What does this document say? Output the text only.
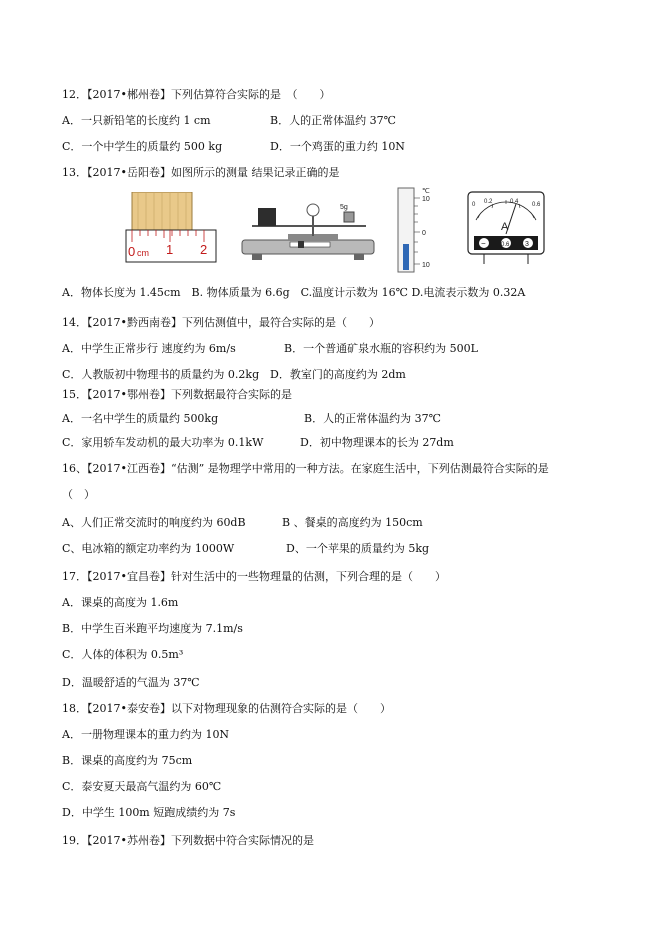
12．【2017•郴州卷】下列估算符合实际的是　（　　）
A．一只新铅笔的长度约 1 cm	B．人的正常体温约 37℃
C．一个中学生的质量约 500 kg	D．一个鸡蛋的重力约 10N
13．【2017•岳阳卷】如图所示的测量 结果记录正确的是
0 cm 1 2
5g
℃
10
0
10
0 0.2	0.4 0.6
A
−	0.6 3
A．物体长度为 1.45cm　B. 物体质量为 6.6g　C.温度计示数为 16℃ D.电流表示数为 0.32A
14．【2017•黔西南卷】下列估测值中，最符合实际的是（　　）
A．中学生正常步行 速度约为 6m/s	B．一个普通矿泉水瓶的容积约为 500L
C．人教版初中物理书的质量约为 0.2kg D．教室门的高度约为 2dm
15．【2017•鄂州卷】下列数据最符合实际的是
A．一名中学生的质量约 500kg	B．人的正常体温约为 37℃
C．家用轿车发动机的最大功率为 0.1kW	D．初中物理课本的长为 27dm
16、【2017•江西卷】“估测” 是物理学中常用的一种方法。在家庭生活中，下列估测最符合实际的是
（　）
A、人们正常交流时的响度约为 60dB	B 、餐桌的高度约为 150cm
C、电冰箱的额定功率约为 1000W	D、一个苹果的质量约为 5kg
17．【2017•宜昌卷】针对生活中的一些物理量的估测，下列合理的是（　　）
A．课桌的高度为 1.6m
B．中学生百米跑平均速度为 7.1m/s
C．人体的体积为 0.5m³
D．温暖舒适的气温为 37℃
18．【2017•泰安卷】以下对物理现象的估测符合实际的是（　　）
A．一册物理课本的重力约为 10N
B．课桌的高度约为 75cm
C．泰安夏天最高气温约为 60℃
D．中学生 100m 短跑成绩约为 7s
19．【2017•苏州卷】下列数据中符合实际情况的是
